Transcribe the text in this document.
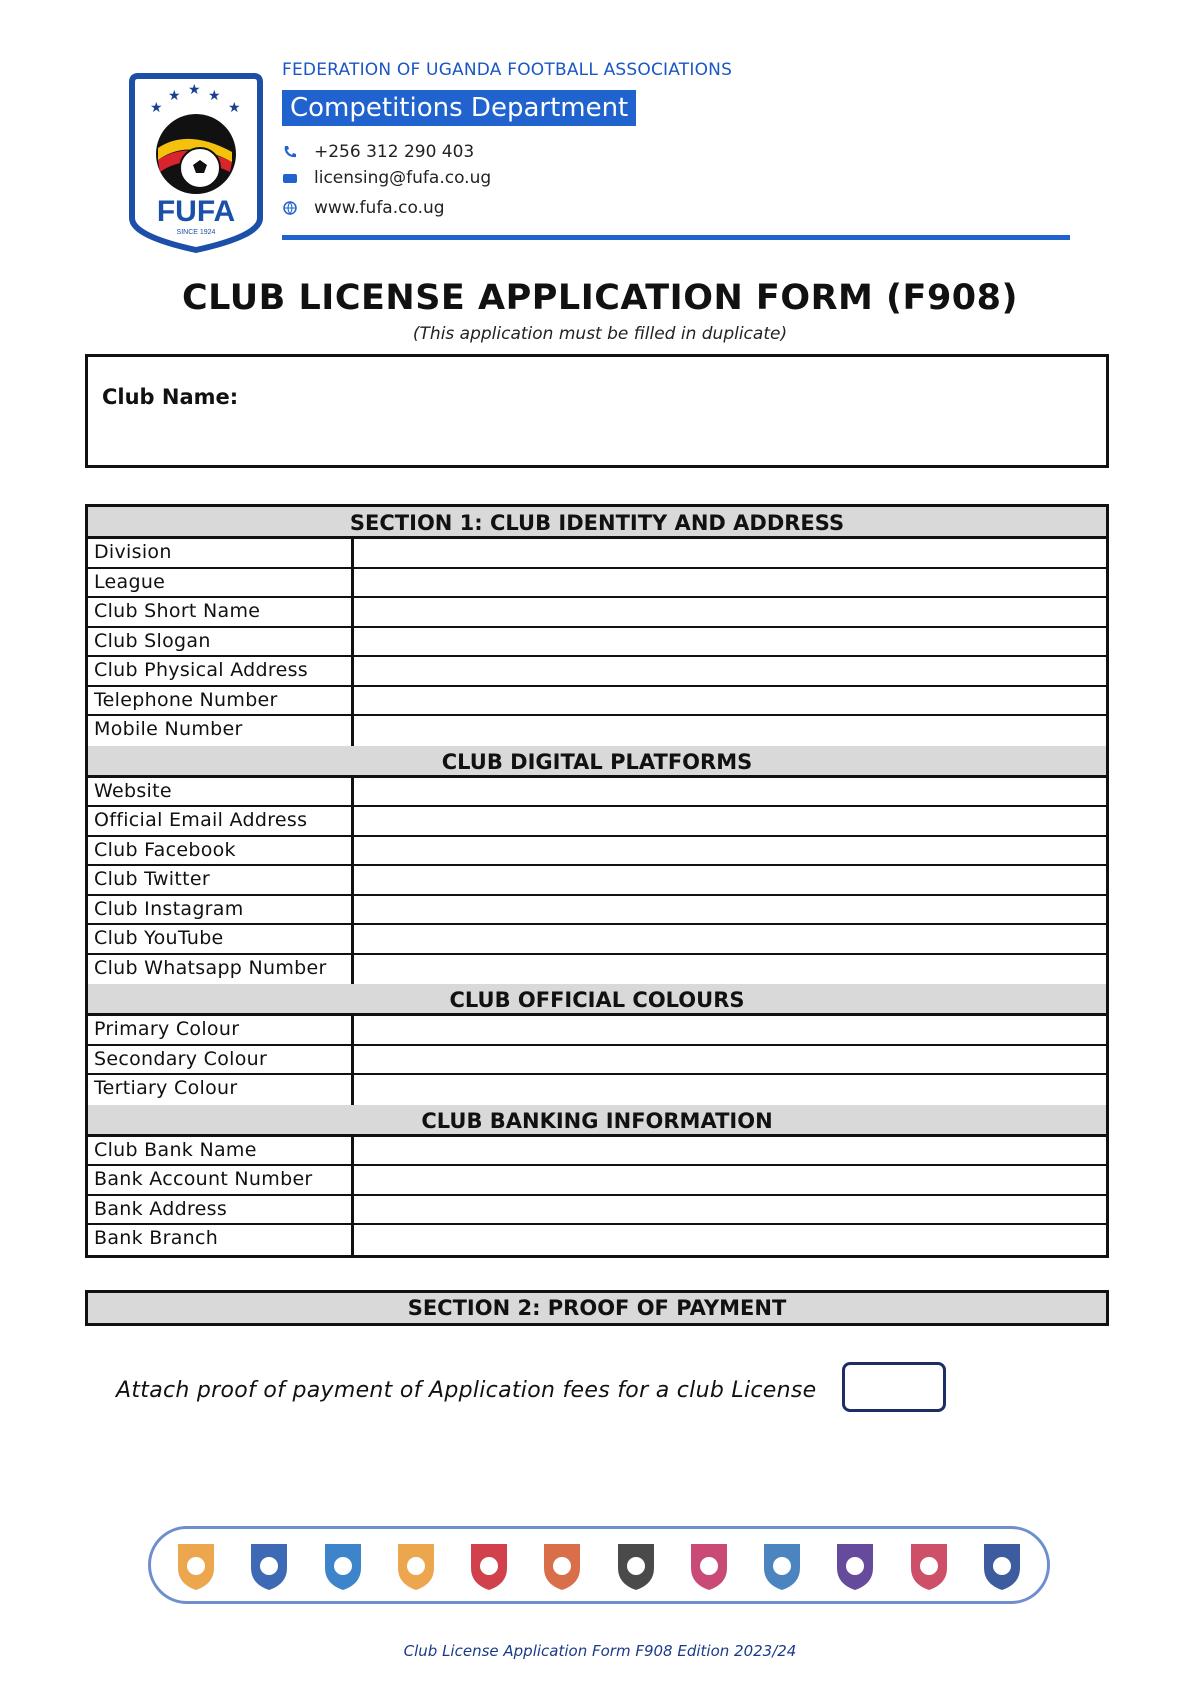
★
★ ★ ★
★
FUFA
SINCE 1924
FEDERATION OF UGANDA FOOTBALL ASSOCIATIONS
Competitions Department
+256 312 290 403
licensing@fufa.co.ug
www.fufa.co.ug
CLUB LICENSE APPLICATION FORM (F908)
(This application must be filled in duplicate)
Club Name:
SECTION 1: CLUB IDENTITY AND ADDRESS
Division
League
Club Short Name
Club Slogan
Club Physical Address
Telephone Number
Mobile Number
CLUB DIGITAL PLATFORMS
Website
Official Email Address
Club Facebook
Club Twitter
Club Instagram
Club YouTube
Club Whatsapp Number
CLUB OFFICIAL COLOURS
Primary Colour
Secondary Colour
Tertiary Colour
CLUB BANKING INFORMATION
Club Bank Name
Bank Account Number
Bank Address
Bank Branch
SECTION 2: PROOF OF PAYMENT
Attach proof of payment of Application fees for a club License
Club License Application Form F908 Edition 2023/24
